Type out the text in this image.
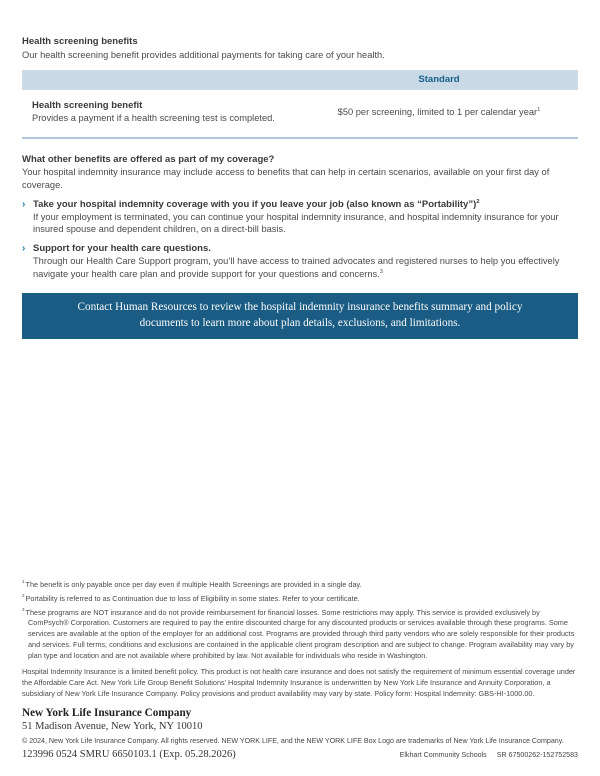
Health screening benefits
Our health screening benefit provides additional payments for taking care of your health.
Standard
Health screening benefit
Provides a payment if a health screening test is completed.
$50 per screening, limited to 1 per calendar year$^1$
What other benefits are offered as part of my coverage?
Your hospital indemnity insurance may include access to benefits that can help in certain scenarios, available on your first day of coverage.
› Take your hospital indemnity coverage with you if you leave your job (also known as “Portability”)$^2$
If your employment is terminated, you can continue your hospital indemnity insurance, and hospital indemnity insurance for your insured spouse and dependent children, on a direct-bill basis.
› Support for your health care questions.
Through our Health Care Support program, you’ll have access to trained advocates and registered nurses to help you effectively navigate your health care plan and provide support for your questions and concerns.$^3$
Contact Human Resources to review the hospital indemnity insurance benefits summary and policy documents to learn more about plan details, exclusions, and limitations.
$^1$The benefit is only payable once per day even if multiple Health Screenings are provided in a single day.
$^2$Portability is referred to as Continuation due to loss of Eligibility in some states. Refer to your certificate.
$^3$These programs are NOT insurance and do not provide reimbursement for financial losses. Some restrictions may apply. This service is provided exclusively by ComPsych® Corporation. Customers are required to pay the entire discounted charge for any discounted products or services available through these programs. Some services are available at the option of the employer for an additional cost. Programs are provided through third party vendors who are solely responsible for their products and services. Full terms, conditions and exclusions are contained in the applicable client program description and are subject to change. Program availability may vary by plan type and location and are not available where prohibited by law. Not available for individuals who reside in Washington.
Hospital Indemnity Insurance is a limited benefit policy. This product is not health care insurance and does not satisfy the requirement of minimum essential coverage under the Affordable Care Act. New York Life Group Benefit Solutions’ Hospital Indemnity Insurance is underwritten by New York Life Insurance and Annuity Corporation, a subsidiary of New York Life Insurance Company. Policy provisions and product availability may vary by state. Policy form: Hospital Indemnity: GBS-HI-1000.00.
New York Life Insurance Company
51 Madison Avenue, New York, NY 10010
© 2024, New York Life Insurance Company. All rights reserved. NEW YORK LIFE, and the NEW YORK LIFE Box Logo are trademarks of New York Life Insurance Company.
123996 0524 SMRU 6650103.1 (Exp. 05.28.2026)	Elkhart Community Schools SR 67500262-152752583
